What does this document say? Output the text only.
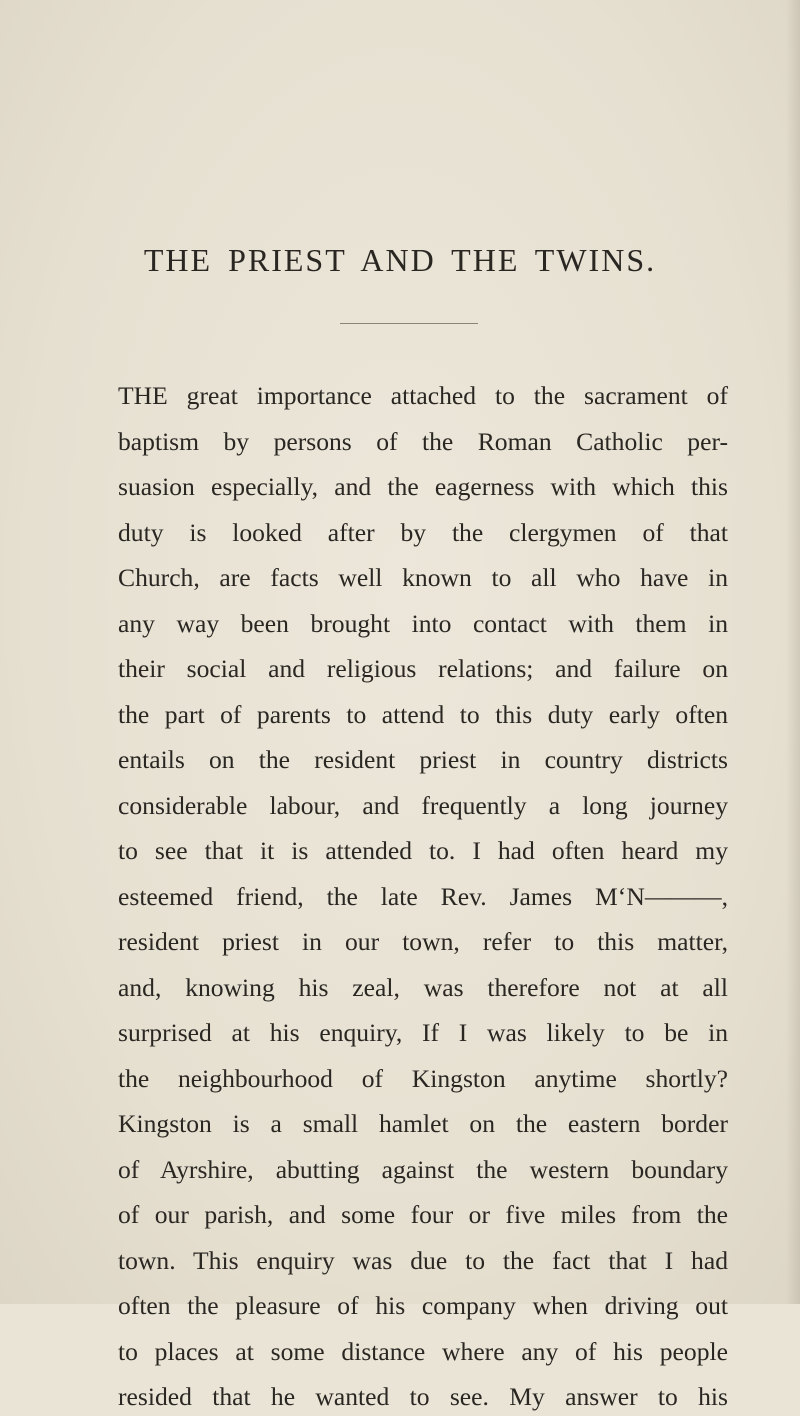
THE PRIEST AND THE TWINS.
THE great importance attached to the sacrament of
baptism by persons of the Roman Catholic per-
suasion especially, and the eagerness with which this
duty is looked after by the clergymen of that
Church, are facts well known to all who have in
any way been brought into contact with them in
their social and religious relations; and failure on
the part of parents to attend to this duty early often
entails on the resident priest in country districts
considerable labour, and frequently a long journey
to see that it is attended to. I had often heard my
esteemed friend, the late Rev. James M‘N———,
resident priest in our town, refer to this matter,
and, knowing his zeal, was therefore not at all
surprised at his enquiry, If I was likely to be in
the neighbourhood of Kingston anytime shortly?
Kingston is a small hamlet on the eastern border
of Ayrshire, abutting against the western boundary
of our parish, and some four or five miles from the
town. This enquiry was due to the fact that I had
often the pleasure of his company when driving out
to places at some distance where any of his people
resided that he wanted to see. My answer to his
